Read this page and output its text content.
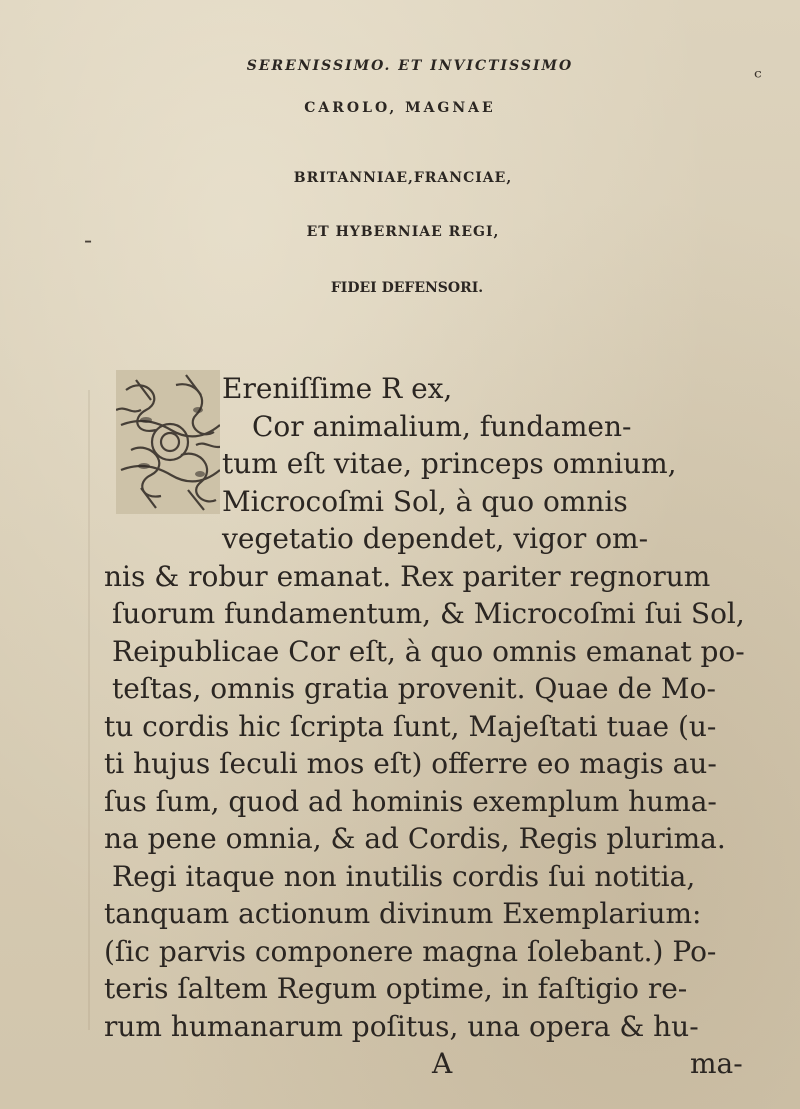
SERENISSIMO. ET INVICTISSIMO	ᶜ
CAROLO, MAGNAE
BRITANNIAE,FRANCIAE,
-	ET HYBERNIAE REGI,
FIDEI DEFENSORI.
Ereniſſime R ex,
Cor animalium, fundamen-
tum eſt vitae, princeps omnium,
Microcoſmi Sol, à quo omnis
vegetatio dependet, vigor om-
nis & robur emanat. Rex pariter regnorum
ſuorum fundamentum, & Microcoſmi ſui Sol,
Reipublicae Cor eſt, à quo omnis emanat po-
teſtas, omnis gratia provenit. Quae de Mo-
tu cordis hic ſcripta ſunt, Majeſtati tuae (u-
ti hujus ſeculi mos eſt) offerre eo magis au-
ſus ſum, quod ad hominis exemplum huma-
na pene omnia, & ad Cordis, Regis plurima.
Regi itaque non inutilis cordis ſui notitia,
tanquam actionum divinum Exemplarium:
(ſic parvis componere magna ſolebant.) Po-
teris ſaltem Regum optime, in faſtigio re-
rum humanarum poſitus, una opera & hu-
A	ma-
